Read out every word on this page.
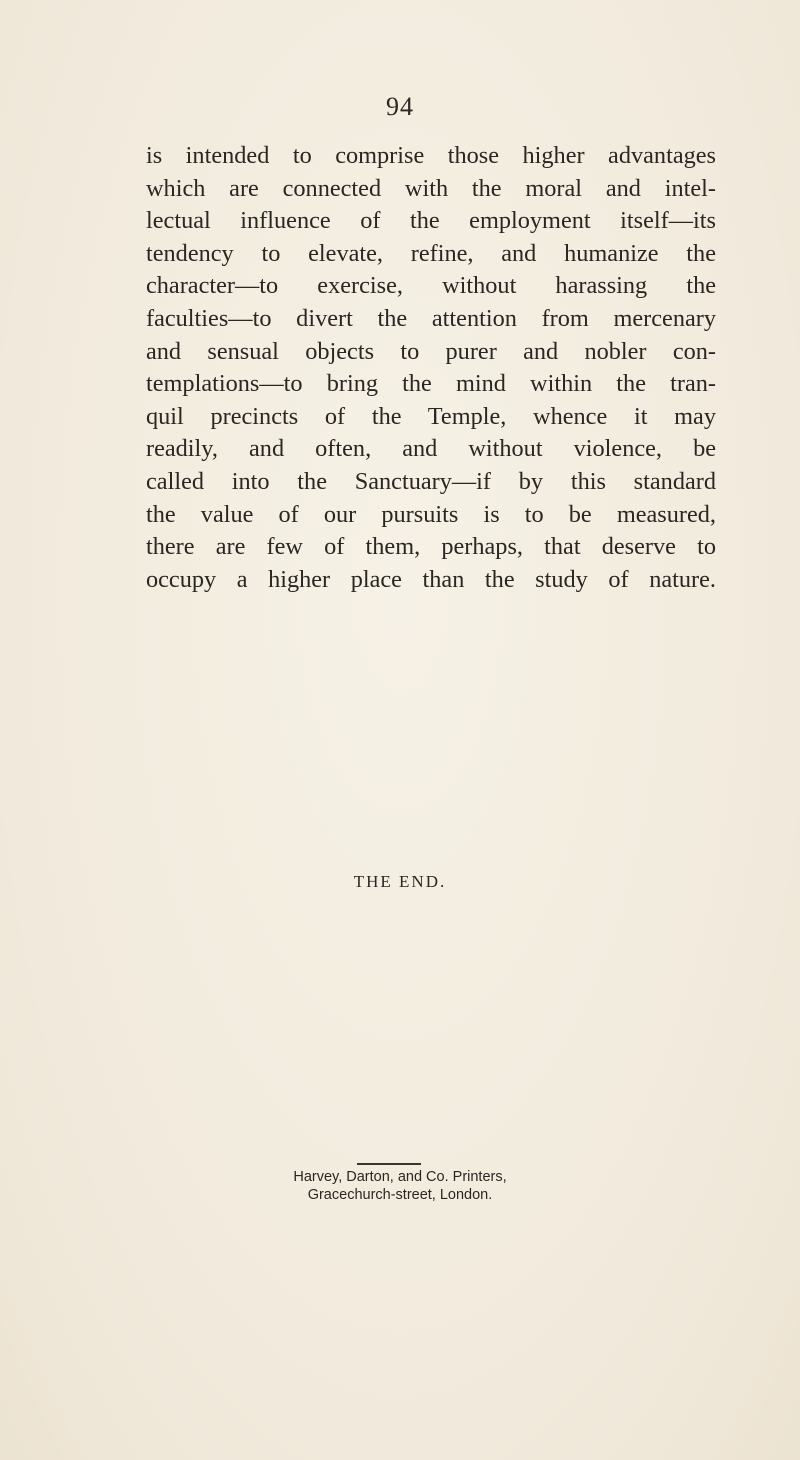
94
is intended to comprise those higher advantages
which are connected with the moral and intel-
lectual influence of the employment itself—its
tendency to elevate, refine, and humanize the
character—to exercise, without harassing the
faculties—to divert the attention from mercenary
and sensual objects to purer and nobler con-
templations—to bring the mind within the tran-
quil precincts of the Temple, whence it may
readily, and often, and without violence, be
called into the Sanctuary—if by this standard
the value of our pursuits is to be measured,
there are few of them, perhaps, that deserve to
occupy a higher place than the study of nature.
THE END.
Harvey, Darton, and Co. Printers,
Gracechurch-street, London.
